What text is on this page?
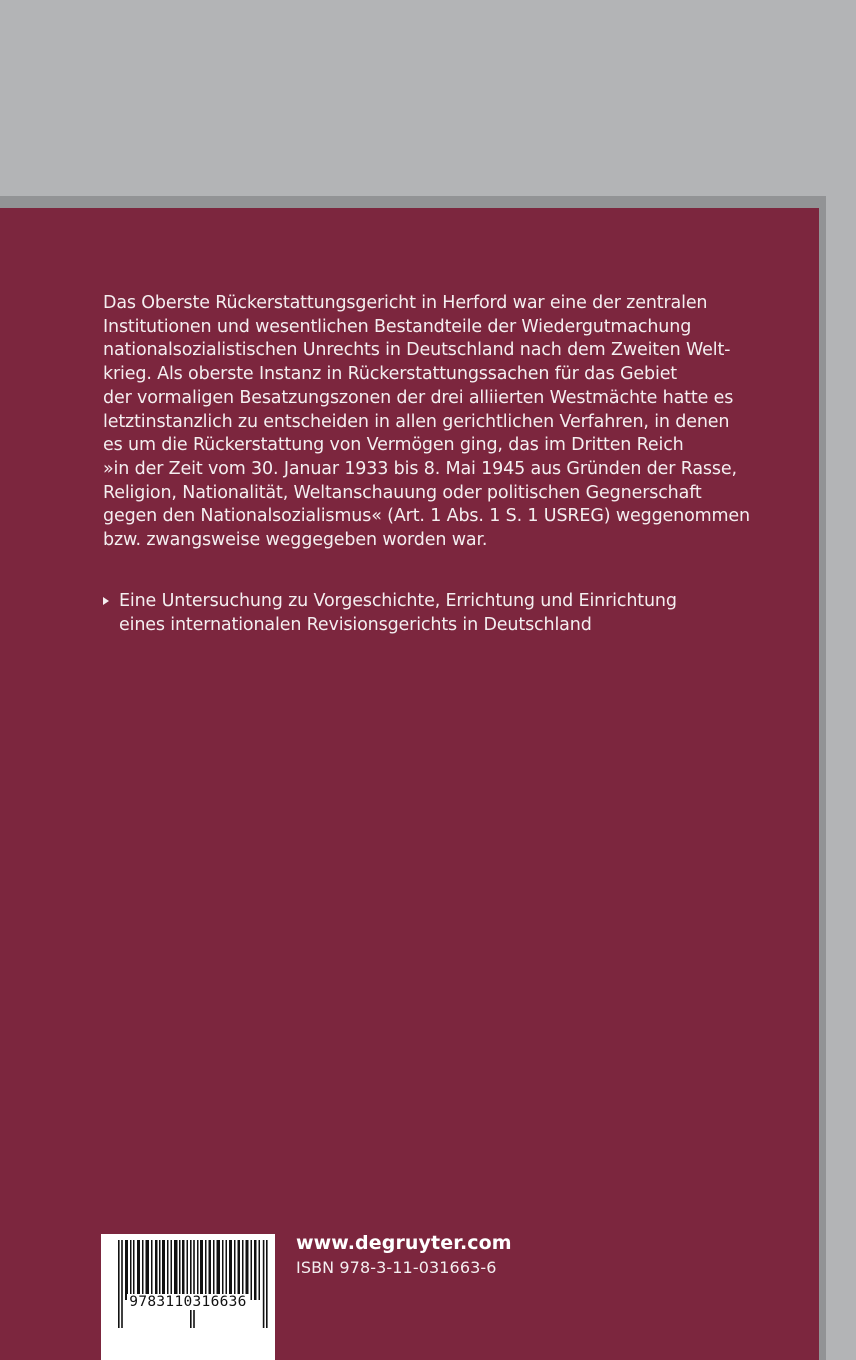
Das Oberste Rückerstattungsgericht in Herford war eine der zentralen
Institutionen und wesentlichen Bestandteile der Wiedergutmachung
nationalsozialistischen Unrechts in Deutschland nach dem Zweiten Welt-
krieg. Als oberste Instanz in Rückerstattungssachen für das Gebiet
der vormaligen Besatzungszonen der drei alliierten Westmächte hatte es
letztinstanzlich zu entscheiden in allen gerichtlichen Verfahren, in denen
es um die Rückerstattung von Vermögen ging, das im Dritten Reich
»in der Zeit vom 30. Januar 1933 bis 8. Mai 1945 aus Gründen der Rasse,
Religion, Nationalität, Weltanschauung oder politischen Gegnerschaft
gegen den Nationalsozialismus« (Art. 1 Abs. 1 S. 1 USREG) weggenommen
bzw. zwangsweise weggegeben worden war.
Eine Untersuchung zu Vorgeschichte, Errichtung und Einrichtung
eines internationalen Revisionsgerichts in Deutschland
9783110316636
www.degruyter.com
ISBN 978-3-11-031663-6
